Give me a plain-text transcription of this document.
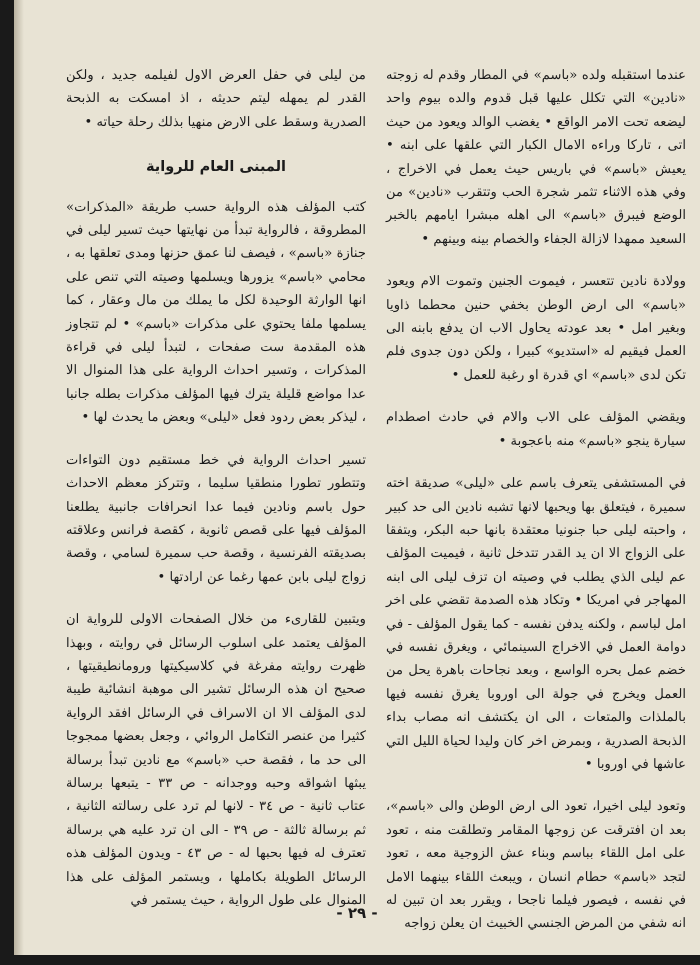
عندما استقبله ولده «باسم» في المطار وقدم له زوجته «نادين» التي تكلل عليها قبل قدوم والده بيوم واحد ليضعه تحت الامر الواقع • يغضب الوالد ويعود من حيث اتى ، تاركا وراءه الامال الكبار التي علقها على ابنه • يعيش «باسم» في باريس حيث يعمل في الاخراج ، وفي هذه الاثناء تثمر شجرة الحب وتتقرب «نادين» من الوضع فيبرق «باسم» الى اهله مبشرا ايامهم بالخبر السعيد ممهدا لازالة الجفاء والخصام بينه وبينهم •

وولادة نادين تتعسر ، فيموت الجنين وتموت الام ويعود «باسم» الى ارض الوطن بخفي حنين محطما ذاويا وبغير امل • بعد عودته يحاول الاب ان يدفع بابنه الى العمل فيقيم له «استديو» كبيرا ، ولكن دون جدوى فلم تكن لدى «باسم» اي قدرة او رغبة للعمل •

ويقضي المؤلف على الاب والام في حادث اصطدام سيارة ينجو «باسم» منه باعجوبة •

في المستشفى يتعرف باسم على «ليلى» صديقة اخته سميرة ، فيتعلق بها ويحبها لانها تشبه نادين الى حد كبير ، واحبته ليلى حبا جنونيا معتقدة بانها حبه البكر، ويتفقا على الزواج الا ان يد القدر تتدخل ثانية ، فيميت المؤلف عم ليلى الذي يطلب في وصيته ان تزف ليلى الى ابنه المهاجر في امريكا • وتكاد هذه الصدمة تقضي على اخر امل لباسم ، ولكنه يدفن نفسه - كما يقول المؤلف - في دوامة العمل في الاخراج السينمائي ، ويغرق نفسه في خضم عمل بحره الواسع ، وبعد نجاحات باهرة يحل من العمل ويخرج في جولة الى اوروبا يغرق نفسه فيها بالملذات والمتعات ، الى ان يكتشف انه مصاب بداء الذبحة الصدرية ، وبمرض اخر كان وليدا لحياة الليل التي عاشها في اوروبا •

وتعود ليلى اخيرا، تعود الى ارض الوطن والى «باسم»، بعد ان افترقت عن زوجها المقامر وتطلقت منه ، تعود على امل اللقاء بباسم وبناء عش الزوجية معه ، تعود لتجد «باسم» حطام انسان ، ويبعث اللقاء بينهما الامل في نفسه ، فيصور فيلما ناجحا ، ويقرر بعد ان تبين له انه شفي من المرض الجنسي الخبيث ان يعلن زواجه

من ليلى في حفل العرض الاول لفيلمه جديد ، ولكن القدر لم يمهله ليتم حديثه ، اذ امسكت به الذبحة الصدرية وسقط على الارض منهيا بذلك رحلة حياته •

المبنى العام للرواية

كتب المؤلف هذه الرواية حسب طريقة «المذكرات» المطروقة ، فالرواية تبدأ من نهايتها حيث تسير ليلى في جنازة «باسم» ، فيصف لنا عمق حزنها ومدى تعلقها به ، محامي «باسم» يزورها ويسلمها وصيته التي تنص على انها الوارثة الوحيدة لكل ما يملك من مال وعقار ، كما يسلمها ملفا يحتوي على مذكرات «باسم» • لم تتجاوز هذه المقدمة ست صفحات ، لتبدأ ليلى في قراءة المذكرات ، وتسير احداث الرواية على هذا المنوال الا عدا مواضع قليلة يترك فيها المؤلف مذكرات بطله جانبا ، ليذكر بعض ردود فعل «ليلى» وبعض ما يحدث لها •

تسير احداث الرواية في خط مستقيم دون التواءات وتتطور تطورا منطقيا سليما ، وتتركز معظم الاحداث حول باسم ونادين فيما عدا انحرافات جانبية يطلعنا المؤلف فيها على قصص ثانوية ، كقصة فرانس وعلاقته بصديقته الفرنسية ، وقصة حب سميرة لسامي ، وقصة زواج ليلى بابن عمها رغما عن ارادتها •

ويتبين للقارىء من خلال الصفحات الاولى للرواية ان المؤلف يعتمد على اسلوب الرسائل في روايته ، وبهذا ظهرت روايته مفرغة في كلاسيكيتها ورومانطيقيتها ، صحيح ان هذه الرسائل تشير الى موهبة انشائية طيبة لدى المؤلف الا ان الاسراف في الرسائل افقد الرواية كثيرا من عنصر التكامل الروائي ، وجعل بعضها ممجوجا الى حد ما ، فقصة حب «باسم» مع نادين تبدأ برسالة يبثها اشواقه وحبه ووجدانه - ص ٣٣ - يتبعها برسالة عتاب ثانية - ص ٣٤ - لانها لم ترد على رسالته الثانية ، ثم برسالة ثالثة - ص ٣٩ - الى ان ترد عليه هي برسالة تعترف له فيها بحبها له - ص ٤٣ - ويدون المؤلف هذه الرسائل الطويلة بكاملها ، ويستمر المؤلف على هذا المنوال على طول الرواية ، حيث يستمر في

- ٢٩ -
